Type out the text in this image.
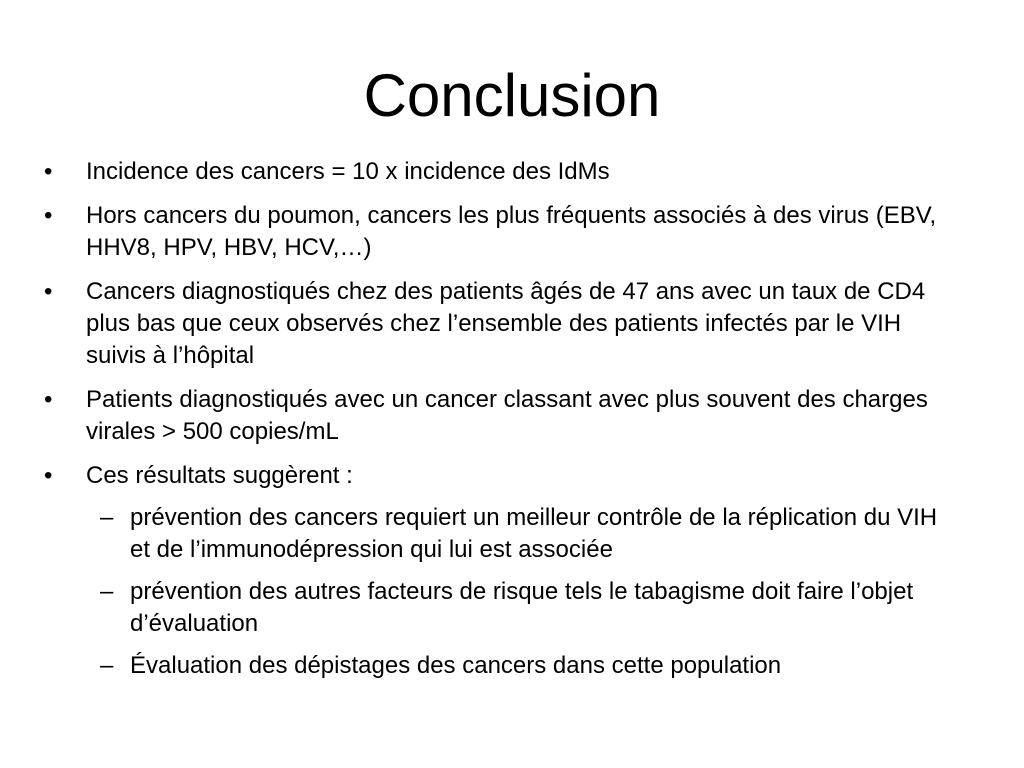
Conclusion
• Incidence des cancers = 10 x incidence des IdMs
• Hors cancers du poumon, cancers les plus fréquents associés à des virus (EBV, HHV8, HPV, HBV, HCV,…)
• Cancers diagnostiqués chez des patients âgés de 47 ans avec un taux de CD4 plus bas que ceux observés chez l’ensemble des patients infectés par le VIH suivis à l’hôpital
• Patients diagnostiqués avec un cancer classant avec plus souvent des charges virales > 500 copies/mL
• Ces résultats suggèrent :
– prévention des cancers requiert un meilleur contrôle de la réplication du VIH et de l’immunodépression qui lui est associée
– prévention des autres facteurs de risque tels le tabagisme doit faire l’objet d’évaluation
– Évaluation des dépistages des cancers dans cette population
